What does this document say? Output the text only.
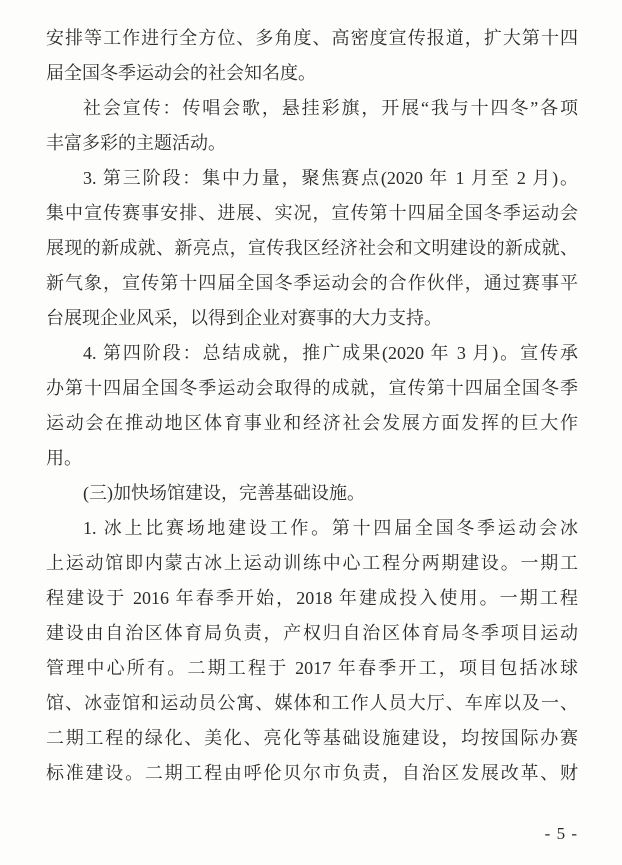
安排等工作进行全方位、多角度、高密度宣传报道，扩大第十四
届全国冬季运动会的社会知名度。
社会宣传：传唱会歌，悬挂彩旗，开展“我与十四冬”各项
丰富多彩的主题活动。
3. 第三阶段：集中力量，聚焦赛点(2020 年 1 月至 2 月)。
集中宣传赛事安排、进展、实况，宣传第十四届全国冬季运动会
展现的新成就、新亮点，宣传我区经济社会和文明建设的新成就、
新气象，宣传第十四届全国冬季运动会的合作伙伴，通过赛事平
台展现企业风采，以得到企业对赛事的大力支持。
4. 第四阶段：总结成就，推广成果(2020 年 3 月)。宣传承
办第十四届全国冬季运动会取得的成就，宣传第十四届全国冬季
运动会在推动地区体育事业和经济社会发展方面发挥的巨大作
用。
(三)加快场馆建设，完善基础设施。
1. 冰上比赛场地建设工作。第十四届全国冬季运动会冰
上运动馆即内蒙古冰上运动训练中心工程分两期建设。一期工
程建设于 2016 年春季开始，2018 年建成投入使用。一期工程
建设由自治区体育局负责，产权归自治区体育局冬季项目运动
管理中心所有。二期工程于 2017 年春季开工，项目包括冰球
馆、冰壶馆和运动员公寓、媒体和工作人员大厅、车库以及一、
二期工程的绿化、美化、亮化等基础设施建设，均按国际办赛
标准建设。二期工程由呼伦贝尔市负责，自治区发展改革、财
- 5 -
